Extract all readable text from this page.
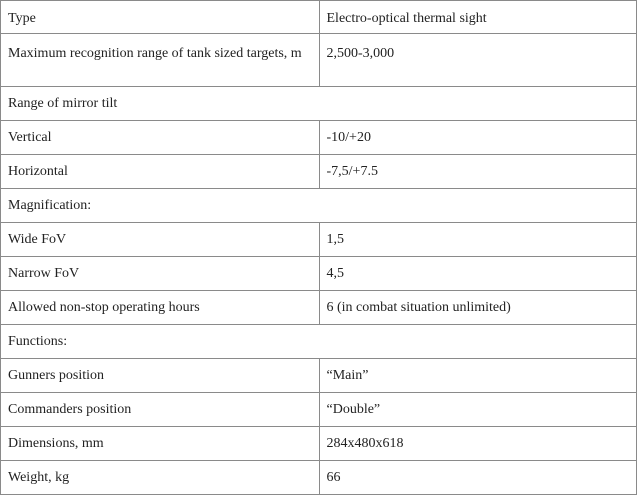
Type	Electro-optical thermal sight
Maximum recognition range of tank sized targets, m	2,500-3,000
Range of mirror tilt	
Vertical	-10/+20
Horizontal	-7,5/+7.5
Magnification:	
Wide FoV	1,5
Narrow FoV	4,5
Allowed non-stop operating hours	6 (in combat situation unlimited)
Functions:	
Gunners position	“Main”
Commanders position	“Double”
Dimensions, mm	284x480x618
Weight, kg	66
